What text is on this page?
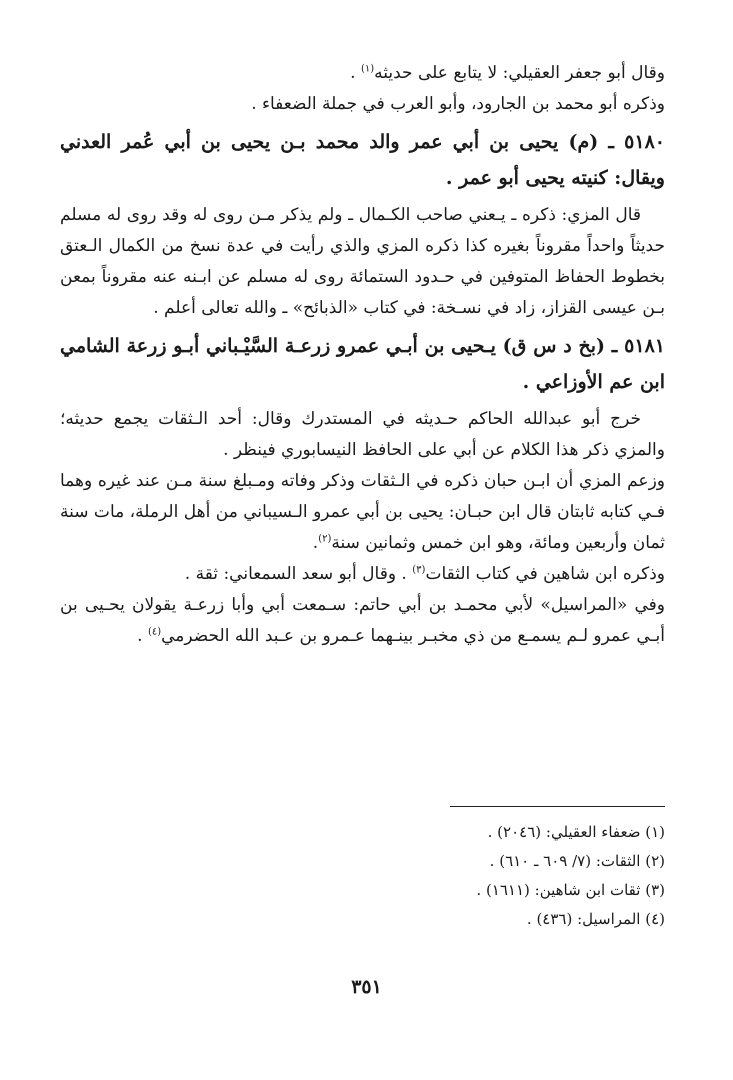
وقال أبو جعفر العقيلي: لا يتابع على حديثه$^{(١)}$ .

وذكره أبو محمد بن الجارود، وأبو العرب في جملة الضعفاء .

٥١٨٠ ـ (م) يحيى بن أبي عمر والد محمد بـن يحيى بن أبي عُمر العدني ويقال: كنيته يحيى أبو عمر .

قال المزي: ذكره ـ يـعني صاحب الكـمال ـ ولم يذكر مـن روى له وقد روى له مسلم حديثاً واحداً مقروناً بغيره كذا ذكره المزي والذي رأيت في عدة نسخ من الكمال الـعتق بخطوط الحفاظ المتوفين في حـدود الستمائة روى له مسلم عن ابـنه عنه مقروناً بمعن بـن عيسى القزاز، زاد في نسـخة: في كتاب «الذبائح» ـ والله تعالى أعلم .

٥١٨١ ـ (بخ د س ق) يـحيى بن أبـي عمرو زرعـة السَّيْـباني أبـو زرعة الشامي ابن عم الأوزاعي .

خرج أبو عبدالله الحاكم حـديثه في المستدرك وقال: أحد الـثقات يجمع حديثه؛ والمزي ذكر هذا الكلام عن أبي على الحافظ النيسابوري فينظر .

وزعم المزي أن ابـن حبان ذكره في الـثقات وذكر وفاته ومـبلغ سنة مـن عند غيره وهما فـي كتابه ثابتان قال ابن حبـان: يحيى بن أبي عمرو الـسيباني من أهل الرملة، مات سنة ثمان وأربعين ومائة، وهو ابن خمس وثمانين سنة$^{(٢)}$.

وذكره ابن شاهين في كتاب الثقات$^{(٣)}$ . وقال أبو سعد السمعاني: ثقة .

وفي «المراسيل» لأبي محمـد بن أبي حاتم: سـمعت أبي وأبا زرعـة يقولان يحـيى بن أبـي عمرو لـم يسمـع من ذي مخبـر بينـهما عـمرو بن عـبد الله الحضرمي$^{(٤)}$ .

(١) ضعفاء العقيلي: (٢٠٤٦) .
(٢) الثقات: (٧/ ٦٠٩ ـ ٦١٠) .
(٣) ثقات ابن شاهين: (١٦١١) .
(٤) المراسيل: (٤٣٦) .
٣٥١
